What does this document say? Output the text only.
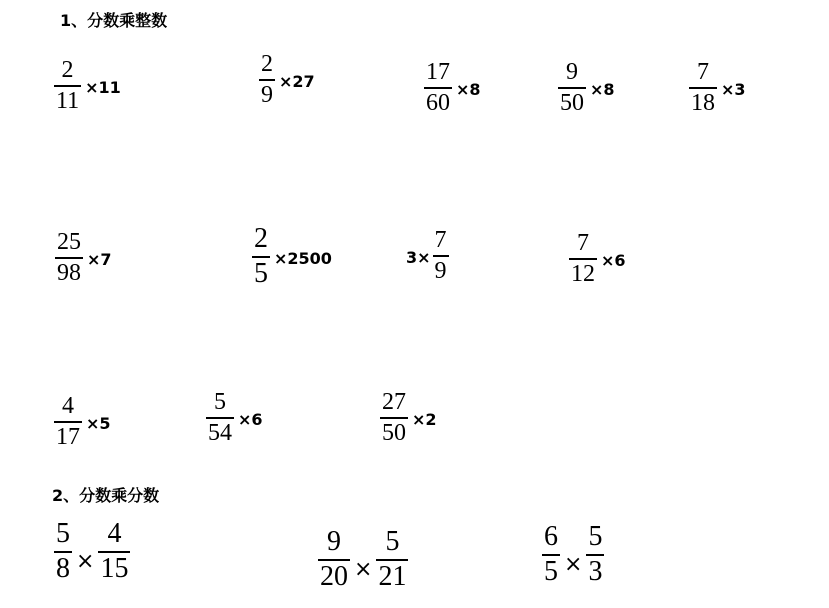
1、分数乘整数
$\frac{2}{11} \times 11$	$\frac{2}{9} \times 27$	$\frac{17}{60} \times 8$	$\frac{9}{50} \times 8$	$\frac{7}{18} \times 3$
$\frac{25}{98} \times 7$	$\frac{2}{5} \times 2500$	$3\times \frac{7}{9}$	$\frac{7}{12} \times 6$
$\frac{4}{17} \times 5$	$\frac{5}{54} \times 6$	$\frac{27}{50} \times 2$
2、分数乘分数
$\frac{5}{8} \times \frac{4}{15}$	$\frac{9}{20} \times \frac{5}{21}$	$\frac{6}{5} \times \frac{5}{3}$
